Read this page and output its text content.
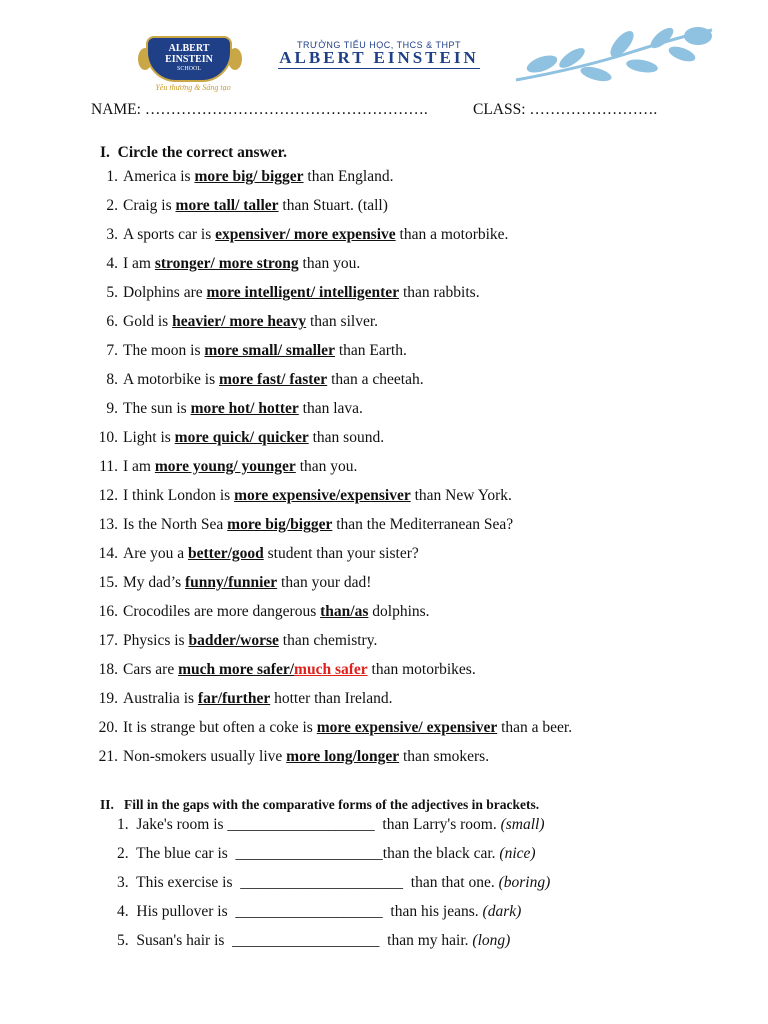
ALBERT
EINSTEIN
SCHOOL
Yêu thương & Sáng tạo
TRƯỜNG TIỂU HỌC, THCS & THPT
ALBERT EINSTEIN
NAME: ……………………………………………….	CLASS: …………………….
I. Circle the correct answer.
1. America is more big/ bigger than England.
2. Craig is more tall/ taller than Stuart. (tall)
3. A sports car is expensiver/ more expensive than a motorbike.
4. I am stronger/ more strong than you.
5. Dolphins are more intelligent/ intelligenter than rabbits.
6. Gold is heavier/ more heavy than silver.
7. The moon is more small/ smaller than Earth.
8. A motorbike is more fast/ faster than a cheetah.
9. The sun is more hot/ hotter than lava.
10. Light is more quick/ quicker than sound.
11. I am more young/ younger than you.
12. I think London is more expensive/expensiver than New York.
13. Is the North Sea more big/bigger than the Mediterranean Sea?
14. Are you a better/good student than your sister?
15. My dad’s funny/funnier than your dad!
16. Crocodiles are more dangerous than/as dolphins.
17. Physics is badder/worse than chemistry.
18. Cars are much more safer/much safer than motorbikes.
19. Australia is far/further hotter than Ireland.
20. It is strange but often a coke is more expensive/ expensiver than a beer.
21. Non-smokers usually live more long/longer than smokers.
II. Fill in the gaps with the comparative forms of the adjectives in brackets.
1. Jake's room is ___________________  than Larry's room. (small)
2. The blue car is  ___________________than the black car. (nice)
3. This exercise is  _____________________  than that one. (boring)
4. His pullover is  ___________________  than his jeans. (dark)
5. Susan's hair is  ___________________  than my hair. (long)
